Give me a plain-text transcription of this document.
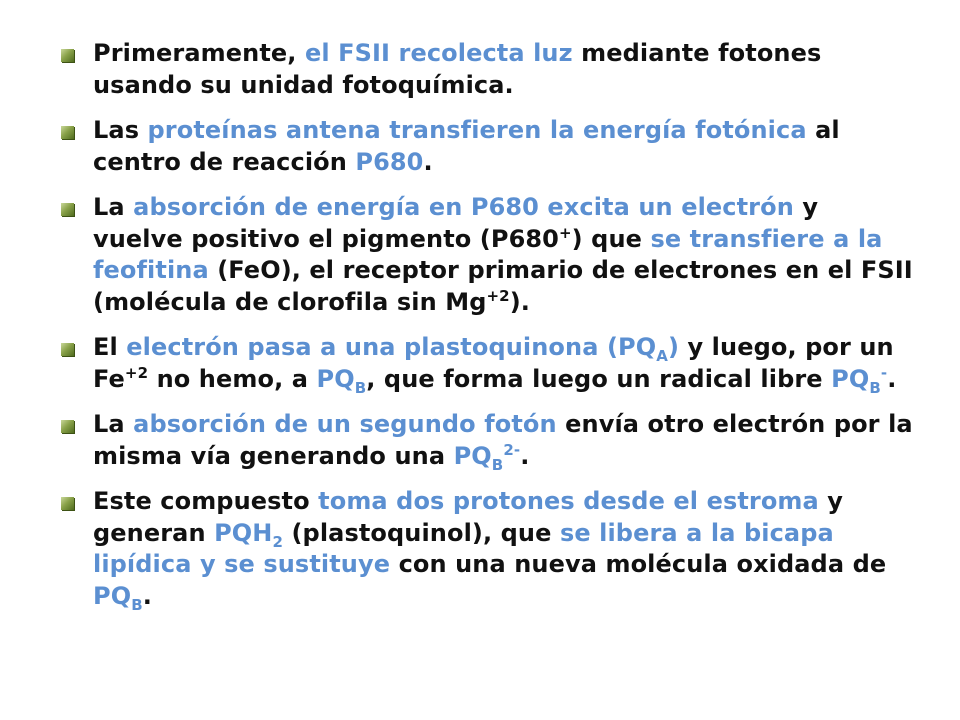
Primeramente, el FSII recolecta luz mediante fotones usando su unidad fotoquímica.
Las proteínas antena transfieren la energía fotónica al centro de reacción P680.
La absorción de energía en P680 excita un electrón y vuelve positivo el pigmento (P680+) que se transfiere a la feofitina (FeO), el receptor primario de electrones en el FSII (molécula de clorofila $\sin Mg^{+2}$).
El electrón pasa a una plastoquinona $(PQ_A)$ y luego, por un $Fe^{+2}$ no hemo, a $PQ_B$, que forma luego un radical libre $PQ_B^-$.
La absorción de un segundo fotón envía otro electrón por la misma vía generando una $PQ_B^{2-}$.
Este compuesto toma dos protones desde el estroma y generan $PQH_2$ (plastoquinol), que se libera a la bicapa lipídica y se sustituye con una nueva molécula oxidada de $PQ_B$.
